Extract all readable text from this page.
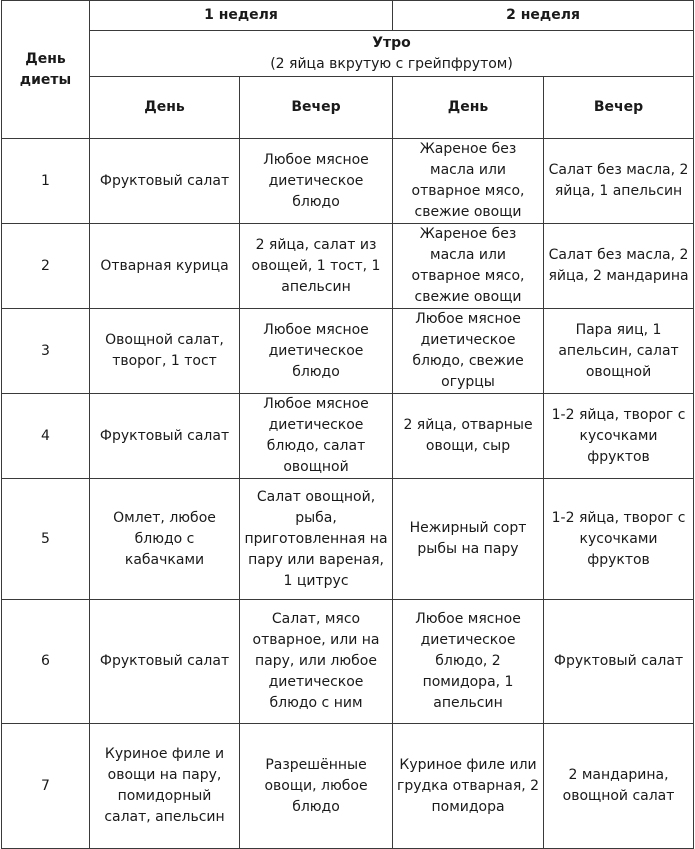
День диеты	1 неделя		2 неделя	

	Утро
(2 яйца вкрутую с грейпфрутом)			

	День	Вечер	День	Вечер
1	Фруктовый салат	Любое мясное диетическое блюдо	Жареное без масла или отварное мясо, свежие овощи	Салат без масла, 2 яйца, 1 апельсин
2	Отварная курица	2 яйца, салат из овощей, 1 тост, 1 апельсин	Жареное без масла или отварное мясо, свежие овощи	Салат без масла, 2 яйца, 2 мандарина
3	Овощной салат, творог, 1 тост	Любое мясное диетическое блюдо	Любое мясное диетическое блюдо, свежие огурцы	Пара яиц, 1 апельсин, салат овощной
4	Фруктовый салат	Любое мясное диетическое блюдо, салат овощной	2 яйца, отварные овощи, сыр	1-2 яйца, творог с кусочками фруктов
5	Омлет, любое блюдо с кабачками	Салат овощной, рыба, приготовленная на пару или вареная, 1 цитрус	Нежирный сорт рыбы на пару	1-2 яйца, творог с кусочками фруктов
6	Фруктовый салат	Салат, мясо отварное, или на пару, или любое диетическое блюдо с ним	Любое мясное диетическое блюдо, 2 помидора, 1 апельсин	Фруктовый салат
7	Куриное филе и овощи на пару, помидорный салат, апельсин	Разрешённые овощи, любое блюдо	Куриное филе или грудка отварная, 2 помидора	2 мандарина, овощной салат
